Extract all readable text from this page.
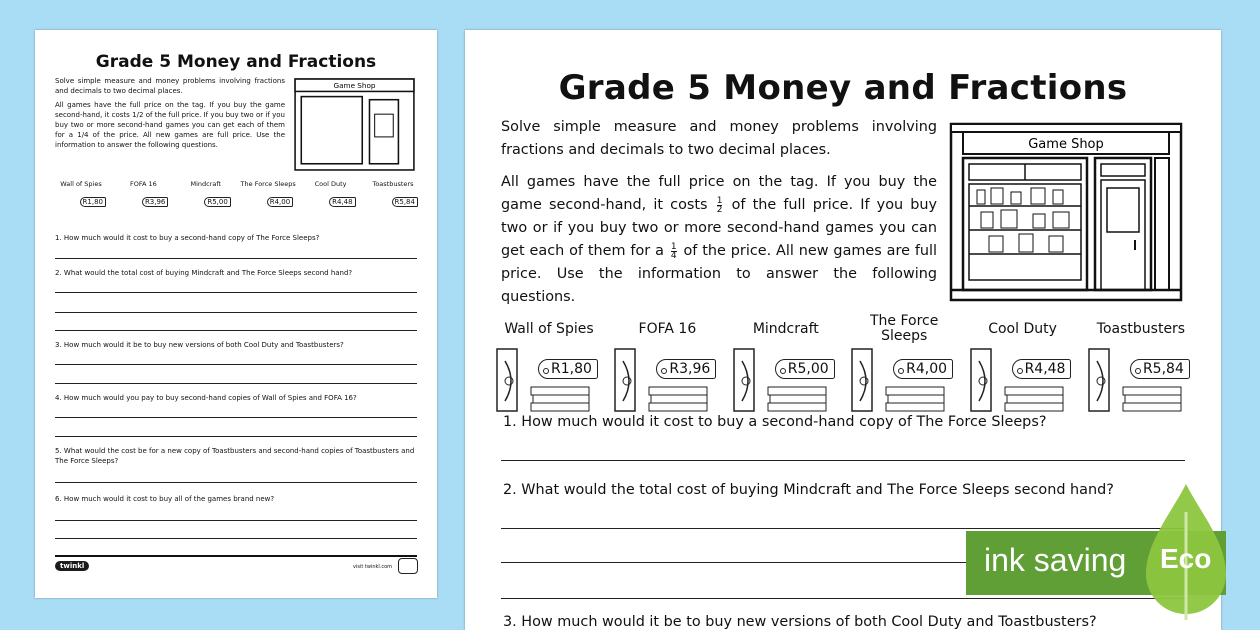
Grade 5 Money and Fractions

Solve simple measure and money problems involving fractions and decimals to two decimal places.

All games have the full price on the tag. If you buy the game second-hand, it costs 1/2 of the full price. If you buy two or if you buy two or more second-hand games you can get each of them for a 1/4 of the price. All new games are full price. Use the information to answer the following questions.

Game Shop
Wall of Spies
R1,80
FOFA 16
R3,96
Mindcraft
R5,00
The Force Sleeps
R4,00
Cool Duty
R4,48
Toastbusters
R5,84
1. How much would it cost to buy a second-hand copy of The Force Sleeps?
2. What would the total cost of buying Mindcraft and The Force Sleeps second hand?
3. How much would it be to buy new versions of both Cool Duty and Toastbusters?
4. How much would you pay to buy second-hand copies of Wall of Spies and FOFA 16?
5. What would the cost be for a new copy of Toastbusters and second-hand copies of Toastbusters and The Force Sleeps?
6. How much would it cost to buy all of the games brand new?
twinkl	visit twinkl.com
Grade 5 Money and Fractions

Solve simple measure and money problems involving fractions and decimals to two decimal places.

All games have the full price on the tag. If you buy the game second-hand, it costs $\frac{1}{2}$ of the full price. If you buy two or if you buy two or more second-hand games you can get each of them for a $\frac{1}{4}$ of the price. All new games are full price. Use the information to answer the following questions.

Game Shop
Wall of Spies
R1,80
FOFA 16
R3,96
Mindcraft
R5,00
The Force Sleeps
R4,00
Cool Duty
R4,48
Toastbusters
R5,84
1. How much would it cost to buy a second-hand copy of The Force Sleeps?
2. What would the total cost of buying Mindcraft and The Force Sleeps second hand?
3. How much would it be to buy new versions of both Cool Duty and Toastbusters?
ink saving Eco
